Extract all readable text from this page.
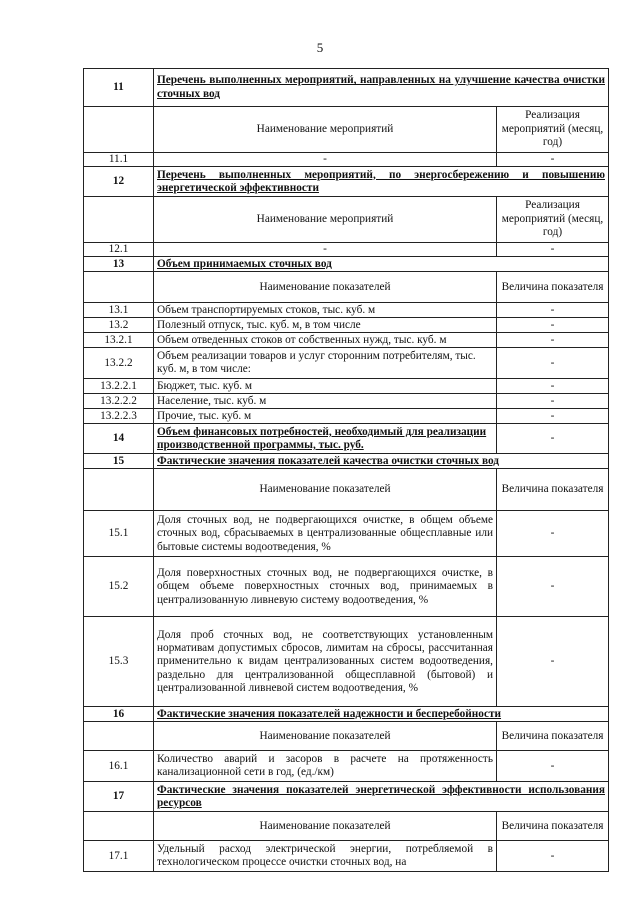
5
11	Перечень выполненных мероприятий, направленных на улучшение качества очистки сточных вод	
	Наименование мероприятий	Реализация мероприятий (месяц, год)
11.1	-	-
12	Перечень выполненных мероприятий, по энергосбережению и повышению энергетической эффективности	
	Наименование мероприятий	Реализация мероприятий (месяц, год)
12.1	-	-
13	Объем принимаемых сточных вод	
	Наименование показателей	Величина показателя
13.1	Объем транспортируемых стоков, тыс. куб. м	-
13.2	Полезный отпуск, тыс. куб. м, в том числе	-
13.2.1	Объем отведенных стоков от собственных нужд, тыс. куб. м	-
13.2.2	Объем реализации товаров и услуг сторонним потребителям, тыс. куб. м, в том числе:	-
13.2.2.1	Бюджет, тыс. куб. м	-
13.2.2.2	Население, тыс. куб. м	-
13.2.2.3	Прочие, тыс. куб. м	-
14	Объем финансовых потребностей, необходимый для реализации производственной программы, тыс. руб.	-
15	Фактические значения показателей качества очистки сточных вод	
	Наименование показателей	Величина показателя
15.1	Доля сточных вод, не подвергающихся очистке, в общем объеме сточных вод, сбрасываемых в централизованные общесплавные или бытовые системы водоотведения, %	-
15.2	Доля поверхностных сточных вод, не подвергающихся очистке, в общем объеме поверхностных сточных вод, принимаемых в централизованную ливневую систему водоотведения, %	-
15.3	Доля проб сточных вод, не соответствующих установленным нормативам допустимых сбросов, лимитам на сбросы, рассчитанная применительно к видам централизованных систем водоотведения, раздельно для централизованной общесплавной (бытовой) и централизованной ливневой систем водоотведения, %	-
16	Фактические значения показателей надежности и бесперебойности	
	Наименование показателей	Величина показателя
16.1	Количество аварий и засоров в расчете на протяженность канализационной сети в год, (ед./км)	-
17	Фактические значения показателей энергетической эффективности использования ресурсов	
	Наименование показателей	Величина показателя
17.1	Удельный расход электрической энергии, потребляемой в технологическом процессе очистки сточных вод, на	-
